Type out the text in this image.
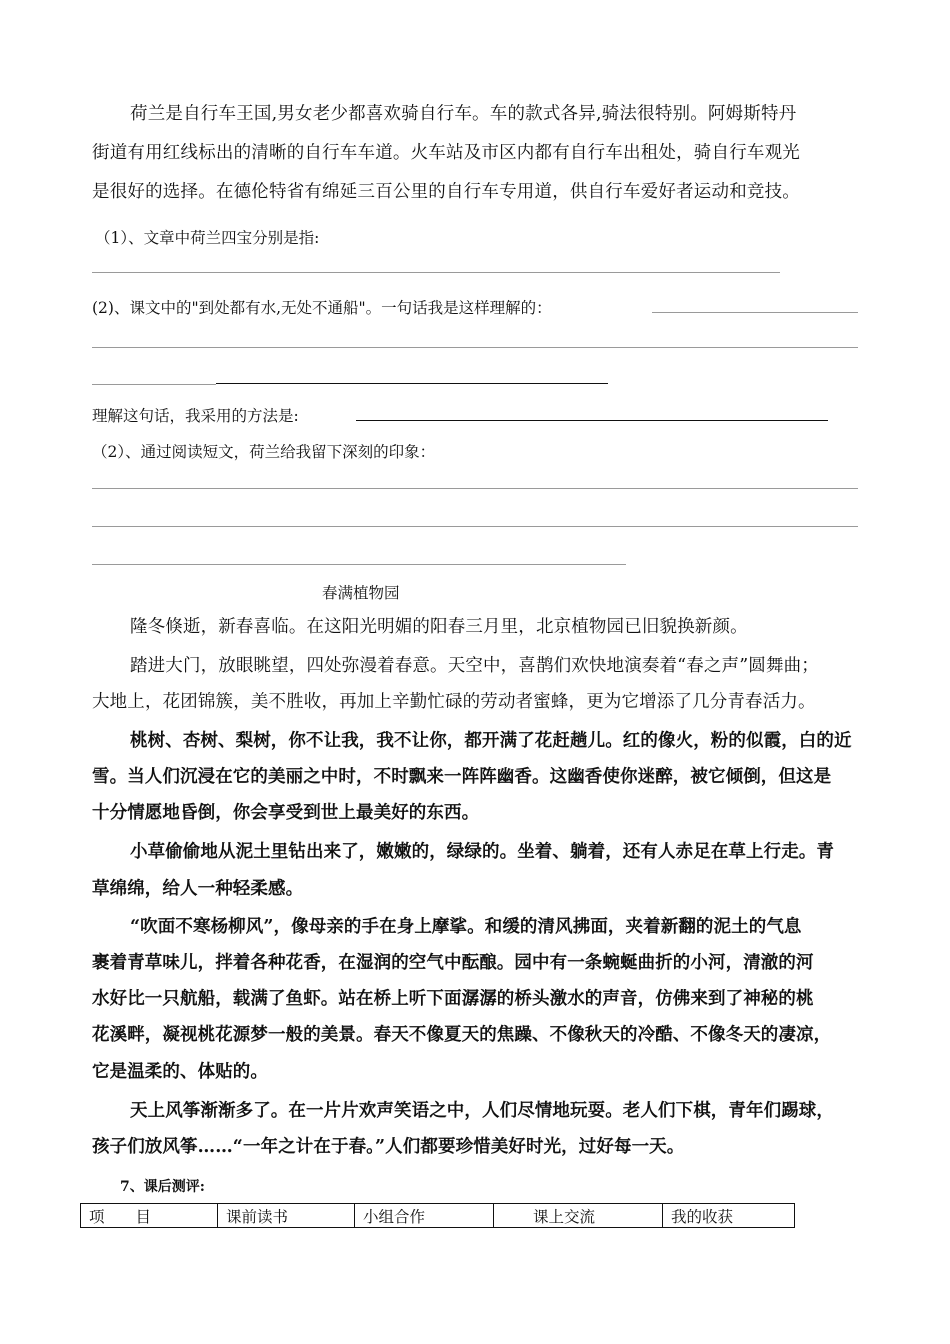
荷兰是自行车王国,男女老少都喜欢骑自行车。车的款式各异,骑法很特别。阿姆斯特丹
街道有用红线标出的清晰的自行车车道。火车站及市区内都有自行车出租处，骑自行车观光
是很好的选择。在德伦特省有绵延三百公里的自行车专用道，供自行车爱好者运动和竞技。
（1）、文章中荷兰四宝分别是指:
(2)、课文中的"到处都有水,无处不通船"。一句话我是这样理解的：
理解这句话，我采用的方法是:
（2）、通过阅读短文，荷兰给我留下深刻的印象：
春满植物园
隆冬倏逝，新春喜临。在这阳光明媚的阳春三月里，北京植物园已旧貌换新颜。
踏进大门，放眼眺望，四处弥漫着春意。天空中，喜鹊们欢快地演奏着“春之声”圆舞曲；
大地上，花团锦簇，美不胜收，再加上辛勤忙碌的劳动者蜜蜂，更为它增添了几分青春活力。
桃树、杏树、梨树，你不让我，我不让你，都开满了花赶趟儿。红的像火，粉的似霞，白的近
雪。当人们沉浸在它的美丽之中时，不时飘来一阵阵幽香。这幽香使你迷醉，被它倾倒，但这是
十分情愿地昏倒，你会享受到世上最美好的东西。
小草偷偷地从泥土里钻出来了，嫩嫩的，绿绿的。坐着、躺着，还有人赤足在草上行走。青
草绵绵，给人一种轻柔感。
“吹面不寒杨柳风”，像母亲的手在身上摩挲。和缓的清风拂面，夹着新翻的泥土的气息
裹着青草味儿，拌着各种花香，在湿润的空气中酝酿。园中有一条蜿蜒曲折的小河，清澈的河
水好比一只航船，载满了鱼虾。站在桥上听下面潺潺的桥头激水的声音，仿佛来到了神秘的桃
花溪畔，凝视桃花源梦一般的美景。春天不像夏天的焦躁、不像秋天的冷酷、不像冬天的凄凉，
它是温柔的、体贴的。
天上风筝渐渐多了。在一片片欢声笑语之中，人们尽情地玩耍。老人们下棋，青年们踢球，
孩子们放风筝……“一年之计在于春。”人们都要珍惜美好时光，过好每一天。
7、课后测评:
项　　目	课前读书	小组合作	　　课上交流	我的收获
